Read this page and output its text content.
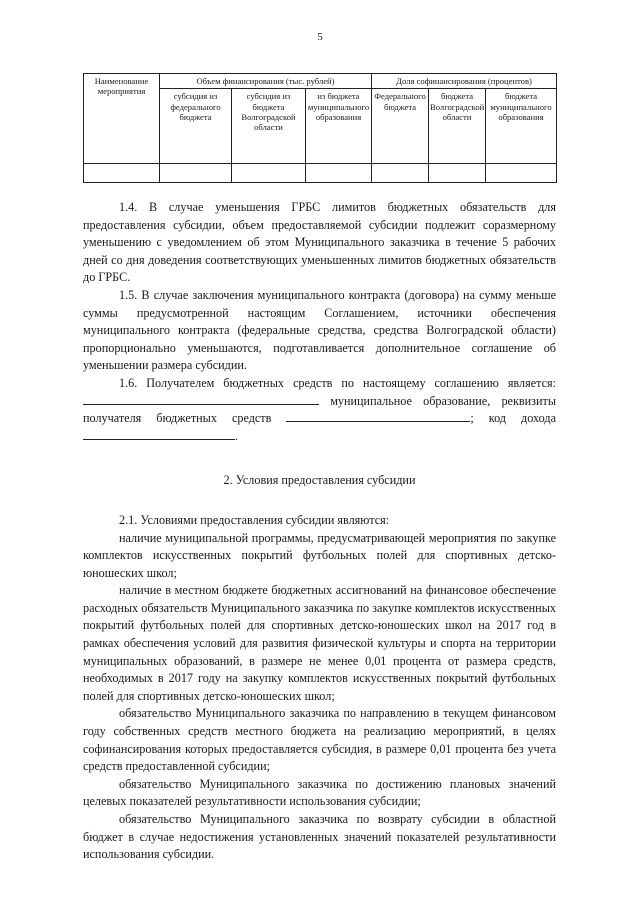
5
Наименование мероприятия	Объем финансирования (тыс. рублей)			Доля софинансирования (процентов)		
	субсидия из федерального бюджета	субсидия из бюджета Волгоградской области	из бюджета муниципального образования	Федерального бюджета	бюджета Волгоградской области	бюджета муниципального образования

1.4. В случае уменьшения ГРБС лимитов бюджетных обязательств для предоставления субсидии, объем предоставляемой субсидии подлежит соразмерному уменьшению с уведомлением об этом Муниципального заказчика в течение 5 рабочих дней со дня доведения соответствующих уменьшенных лимитов бюджетных обязательств до ГРБС.

1.5. В случае заключения муниципального контракта (договора) на сумму меньше суммы предусмотренной настоящим Соглашением, источники обеспечения муниципального контракта (федеральные средства, средства Волгоградской области) пропорционально уменьшаются, подготавливается дополнительное соглашение об уменьшении размера субсидии.

1.6. Получателем бюджетных средств по настоящему соглашению является:  муниципальное образование, реквизиты получателя бюджетных средств	; код дохода .

2. Условия предоставления субсидии

2.1. Условиями предоставления субсидии являются:

наличие муниципальной программы, предусматривающей мероприятия по закупке комплектов искусственных покрытий футбольных полей для спортивных детско-юношеских школ;

наличие в местном бюджете бюджетных ассигнований на финансовое обеспечение расходных обязательств Муниципального заказчика по закупке комплектов искусственных покрытий футбольных полей для спортивных детско-юношеских школ на 2017 год в рамках обеспечения условий для развития физической культуры и спорта на территории муниципальных образований, в размере не менее 0,01 процента от размера средств, необходимых в 2017 году на закупку комплектов искусственных покрытий футбольных полей для спортивных детско-юношеских школ;

обязательство Муниципального заказчика по направлению в текущем финансовом году собственных средств местного бюджета на реализацию мероприятий, в целях софинансирования которых предоставляется субсидия, в размере 0,01 процента без учета средств предоставленной субсидии;

обязательство Муниципального заказчика по достижению плановых значений целевых показателей результативности использования субсидии;

обязательство Муниципального заказчика по возврату субсидии в областной бюджет в случае недостижения установленных значений показателей результативности использования субсидии.
